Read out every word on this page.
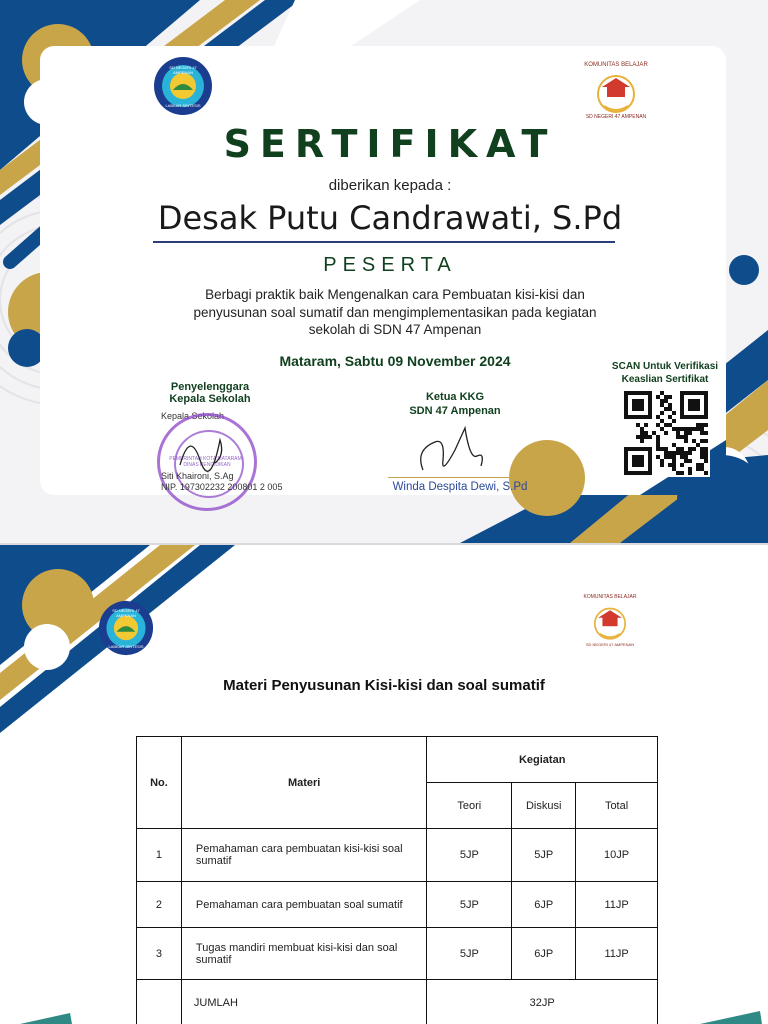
SD NEGERI 47 AMPENAN
LABKAR SINTESIS
KOMUNITAS BELAJAR
SD NEGERI 47 AMPENAN
SERTIFIKAT
diberikan kepada :
Desak Putu Candrawati, S.Pd
PESERTA
Berbagi praktik baik Mengenalkan cara Pembuatan kisi-kisi dan penyusunan soal sumatif dan mengimplementasikan pada kegiatan sekolah di SDN 47 Ampenan
Mataram, Sabtu 09 November 2024
Penyelenggara
Kepala Sekolah
Kepala Sekolah
PEMERINTAH KOTA MATARAM · DINAS PENDIDIKAN
Siti Khaironi, S.Ag
NIP. 197302232 200801 2 005
Ketua KKG
SDN 47 Ampenan
Winda Despita Dewi, S.Pd
SCAN Untuk Verifikasi
Keaslian Sertifikat
SD NEGERI 47 AMPENAN
LABKAR SINTESIS
KOMUNITAS BELAJAR
SD NEGERI 47 AMPENAN
Materi Penyusunan Kisi-kisi dan soal sumatif
No.	Materi	Kegiatan		
		Teori	Diskusi	Total
1	Pemahaman cara pembuatan kisi-kisi soal sumatif	5JP	5JP	10JP
2	Pemahaman cara pembuatan soal sumatif	5JP	6JP	11JP
3	Tugas mandiri membuat kisi-kisi dan soal sumatif	5JP	6JP	11JP
	JUMLAH	32JP		
